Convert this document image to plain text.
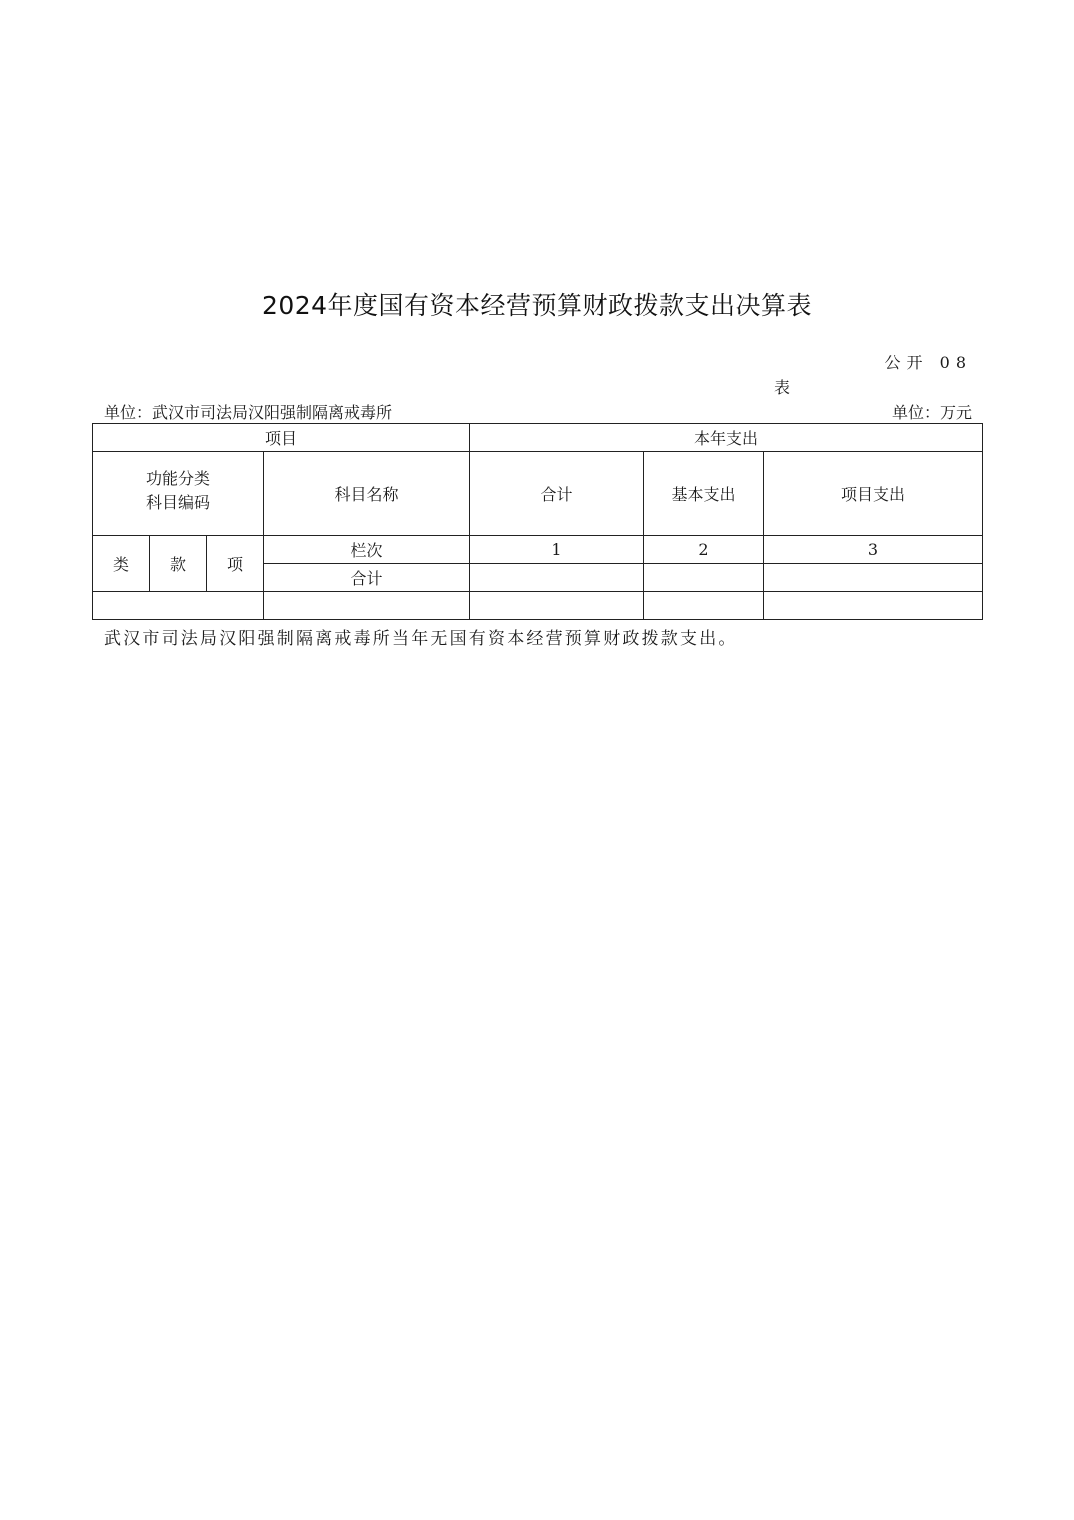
2024年度国有资本经营预算财政拨款支出决算表
公开 08
表
单位：武汉市司法局汉阳强制隔离戒毒所	单位：万元
项目				本年支出		

功能分类
科目编码			科目名称	合计	基本支出	项目支出
类	款	项	栏次	1	2	3
			合计			

武汉市司法局汉阳强制隔离戒毒所当年无国有资本经营预算财政拨款支出。
